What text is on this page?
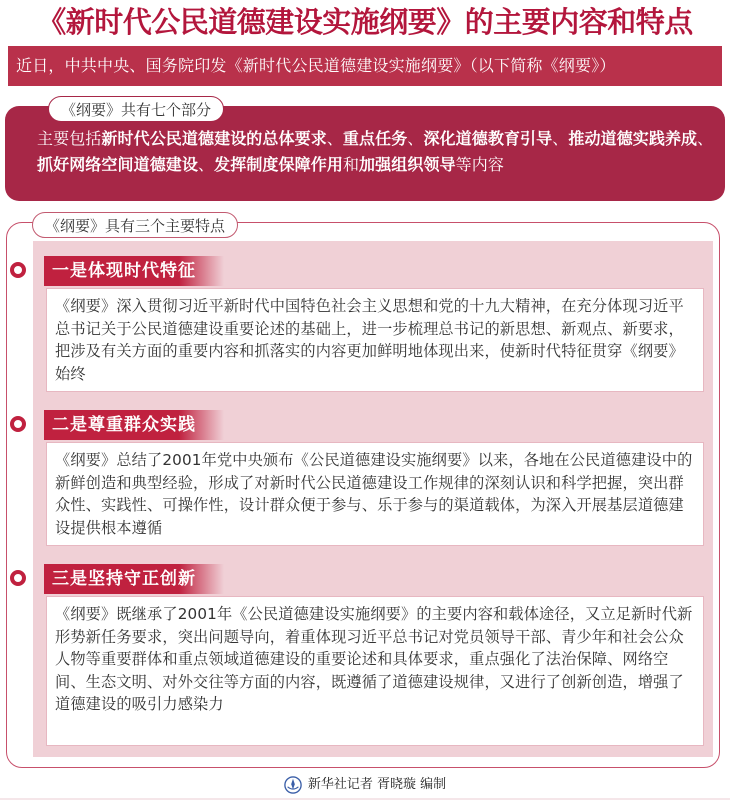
《新时代公民道德建设实施纲要》的主要内容和特点
近日，中共中央、国务院印发《新时代公民道德建设实施纲要》（以下简称《纲要》）
主要包括新时代公民道德建设的总体要求、重点任务、深化道德教育引导、推动道德实践养成、抓好网络空间道德建设、发挥制度保障作用和加强组织领导等内容
《纲要》共有七个部分
《纲要》具有三个主要特点
一是体现时代特征
《纲要》深入贯彻习近平新时代中国特色社会主义思想和党的十九大精神，在充分体现习近平总书记关于公民道德建设重要论述的基础上，进一步梳理总书记的新思想、新观点、新要求，把涉及有关方面的重要内容和抓落实的内容更加鲜明地体现出来，使新时代特征贯穿《纲要》始终
二是尊重群众实践
《纲要》总结了2001年党中央颁布《公民道德建设实施纲要》以来，各地在公民道德建设中的新鲜创造和典型经验，形成了对新时代公民道德建设工作规律的深刻认识和科学把握，突出群众性、实践性、可操作性，设计群众便于参与、乐于参与的渠道载体，为深入开展基层道德建设提供根本遵循
三是坚持守正创新
《纲要》既继承了2001年《公民道德建设实施纲要》的主要内容和载体途径，又立足新时代新形势新任务要求，突出问题导向，着重体现习近平总书记对党员领导干部、青少年和社会公众人物等重要群体和重点领域道德建设的重要论述和具体要求，重点强化了法治保障、网络空间、生态文明、对外交往等方面的内容，既遵循了道德建设规律，又进行了创新创造，增强了道德建设的吸引力感染力
新华社记者 胥晓璇 编制
